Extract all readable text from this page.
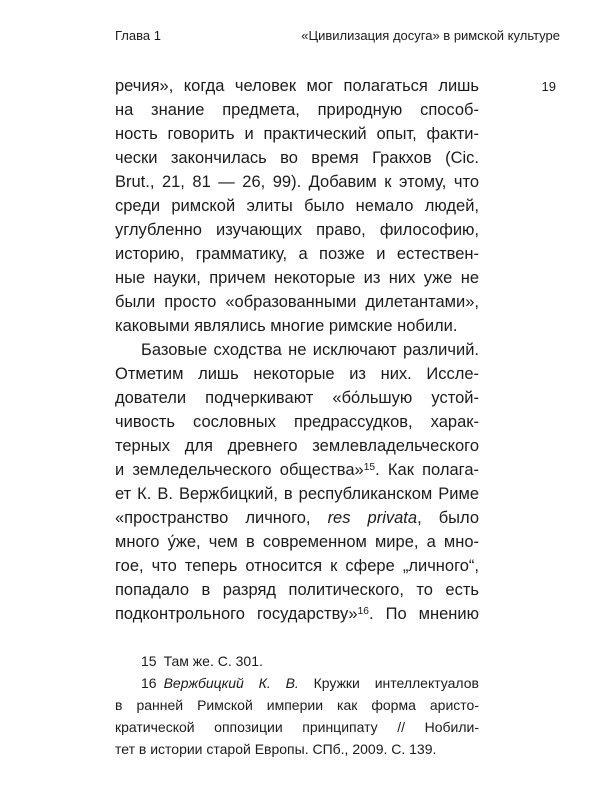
Глава 1	«Цивилизация досуга» в римской культуре
19
речия», когда человек мог полагаться лишь
на знание предмета, природную способ-
ность говорить и практический опыт, факти-
чески закончилась во время Гракхов (Cic.
Brut., 21, 81 — 26, 99). Добавим к этому, что
среди римской элиты было немало людей,
углубленно изучающих право, философию,
историю, грамматику, а позже и естествен-
ные науки, причем некоторые из них уже не
были просто «образованными дилетантами»,
каковыми являлись многие римские нобили.
Базовые сходства не исключают различий.
Отметим лишь некоторые из них. Иссле-
дователи подчеркивают «бо́льшую устой-
чивость сословных предрассудков, харак-
терных для древнего землевладельческого
и земледельческого общества»$^{15}$. Как полага-
ет К. В. Вержбицкий, в республиканском Риме
«пространство личного, res privata, было
много у́же, чем в современном мире, а мно-
гое, что теперь относится к сфере „личного“,
попадало в разряд политического, то есть
подконтрольного государству»$^{16}$. По мнению
15 Там же. С. 301.
16 Вержбицкий К. В. Кружки интеллектуалов
в ранней Римской империи как форма аристо-
кратической оппозиции принципату // Нобили-
тет в истории старой Европы. СПб., 2009. С. 139.
